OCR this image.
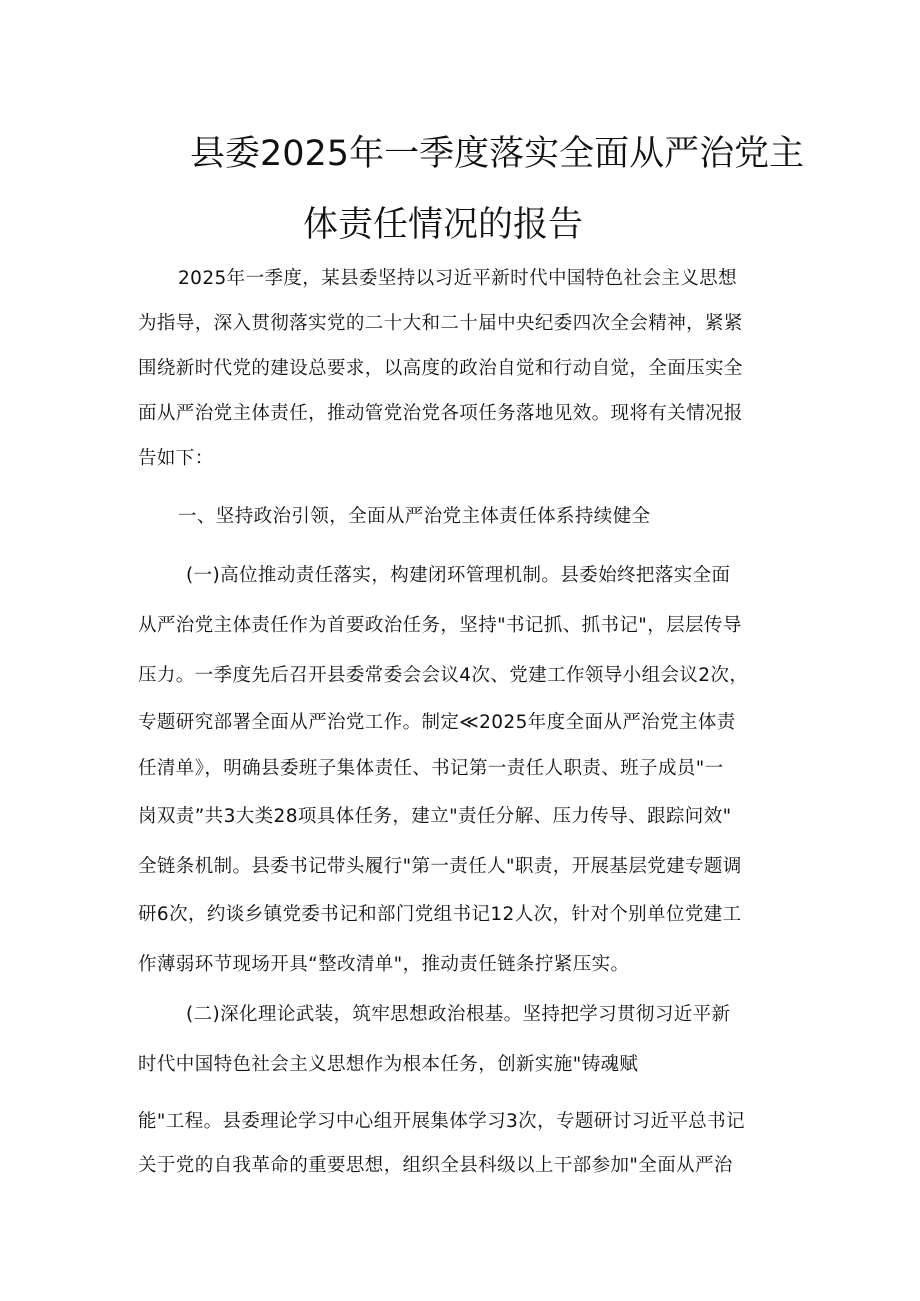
县委2025年一季度落实全面从严治党主
体责任情况的报告
2025年一季度，某县委坚持以习近平新时代中国特色社会主义思想
为指导，深入贯彻落实党的二十大和二十届中央纪委四次全会精神，紧紧
围绕新时代党的建设总要求，以高度的政治自觉和行动自觉，全面压实全
面从严治党主体责任，推动管党治党各项任务落地见效。现将有关情况报
告如下：
一、坚持政治引领，全面从严治党主体责任体系持续健全
(一)高位推动责任落实，构建闭环管理机制。县委始终把落实全面
从严治党主体责任作为首要政治任务，坚持"书记抓、抓书记"，层层传导
压力。一季度先后召开县委常委会会议4次、党建工作领导小组会议2次，
专题研究部署全面从严治党工作。制定≪2025年度全面从严治党主体责
任清单》，明确县委班子集体责任、书记第一责任人职责、班子成员"一
岗双责”共3大类28项具体任务，建立"责任分解、压力传导、跟踪问效"
全链条机制。县委书记带头履行"第一责任人"职责，开展基层党建专题调
研6次，约谈乡镇党委书记和部门党组书记12人次，针对个别单位党建工
作薄弱环节现场开具“整改清单"，推动责任链条拧紧压实。
(二)深化理论武装，筑牢思想政治根基。坚持把学习贯彻习近平新
时代中国特色社会主义思想作为根本任务，创新实施"铸魂赋
能"工程。县委理论学习中心组开展集体学习3次，专题研讨习近平总书记
关于党的自我革命的重要思想，组织全县科级以上干部参加"全面从严治
